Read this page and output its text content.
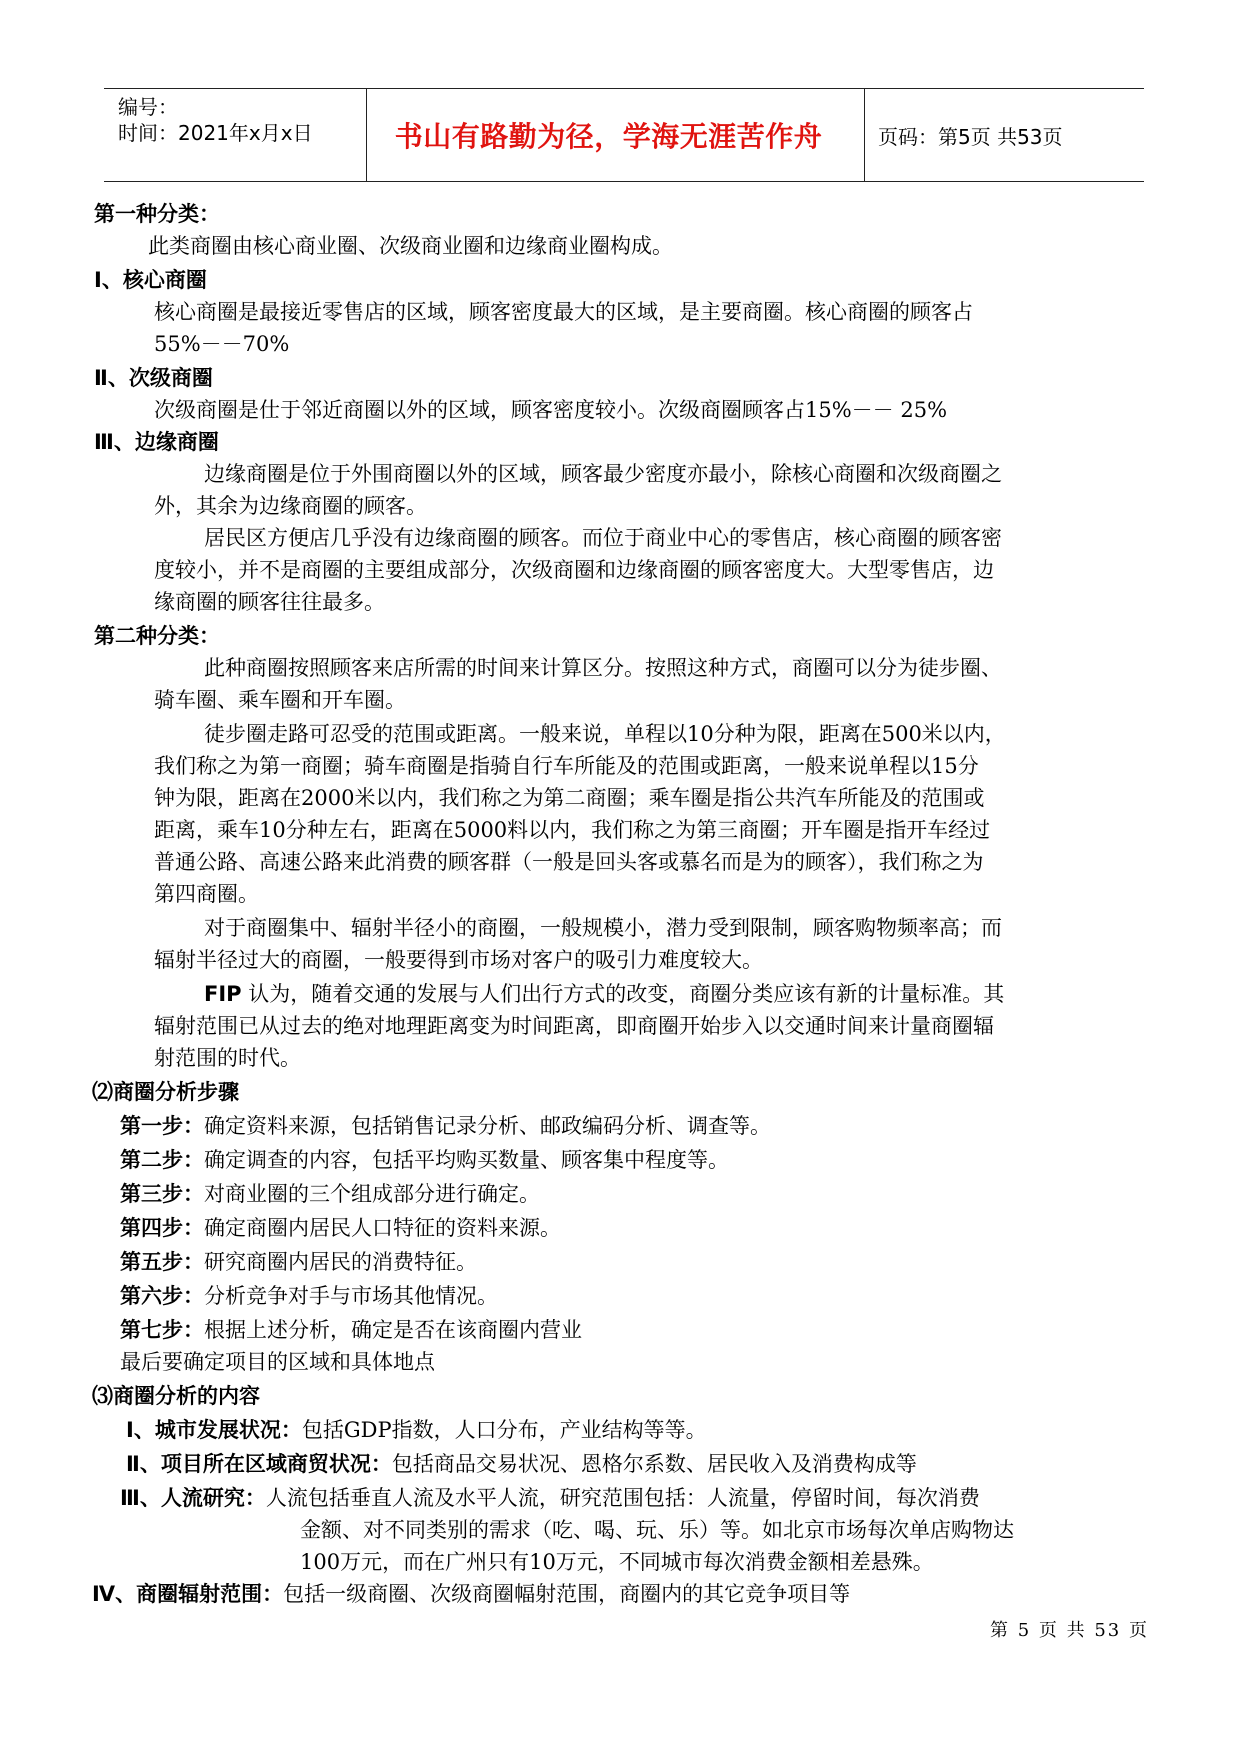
编号：
时间：2021年x月x日	书山有路勤为径，学海无涯苦作舟	页码：第5页 共53页
第一种分类：
此类商圈由核心商业圈、次级商业圈和边缘商业圈构成。
Ⅰ、核心商圈
核心商圈是最接近零售店的区域，顾客密度最大的区域，是主要商圈。核心商圈的顾客占
55%－－70%
Ⅱ、次级商圈
次级商圈是仕于邻近商圈以外的区域，顾客密度较小。次级商圈顾客占15%－－ 25%
Ⅲ、边缘商圈
边缘商圈是位于外围商圈以外的区域，顾客最少密度亦最小，除核心商圈和次级商圈之
外，其余为边缘商圈的顾客。
居民区方便店几乎没有边缘商圈的顾客。而位于商业中心的零售店，核心商圈的顾客密
度较小，并不是商圈的主要组成部分，次级商圈和边缘商圈的顾客密度大。大型零售店，边
缘商圈的顾客往往最多。
第二种分类：
此种商圈按照顾客来店所需的时间来计算区分。按照这种方式，商圈可以分为徒步圈、
骑车圈、乘车圈和开车圈。
徒步圈走路可忍受的范围或距离。一般来说，单程以10分种为限，距离在500米以内，
我们称之为第一商圈；骑车商圈是指骑自行车所能及的范围或距离，一般来说单程以15分
钟为限，距离在2000米以内，我们称之为第二商圈；乘车圈是指公共汽车所能及的范围或
距离，乘车10分种左右，距离在5000料以内，我们称之为第三商圈；开车圈是指开车经过
普通公路、高速公路来此消费的顾客群（一般是回头客或慕名而是为的顾客），我们称之为
第四商圈。
对于商圈集中、辐射半径小的商圈，一般规模小，潜力受到限制，顾客购物频率高；而
辐射半径过大的商圈，一般要得到市场对客户的吸引力难度较大。
FIP 认为，随着交通的发展与人们出行方式的改变，商圈分类应该有新的计量标准。其
辐射范围已从过去的绝对地理距离变为时间距离，即商圈开始步入以交通时间来计量商圈辐
射范围的时代。
⑵商圈分析步骤
第一步：确定资料来源，包括销售记录分析、邮政编码分析、调查等。
第二步：确定调查的内容，包括平均购买数量、顾客集中程度等。
第三步：对商业圈的三个组成部分进行确定。
第四步：确定商圈内居民人口特征的资料来源。
第五步：研究商圈内居民的消费特征。
第六步：分析竞争对手与市场其他情况。
第七步：根据上述分析，确定是否在该商圈内营业
最后要确定项目的区域和具体地点
⑶商圈分析的内容
Ⅰ、城市发展状况：包括GDP指数，人口分布，产业结构等等。
Ⅱ、项目所在区域商贸状况：包括商品交易状况、恩格尔系数、居民收入及消费构成等
Ⅲ、人流研究：人流包括垂直人流及水平人流，研究范围包括：人流量，停留时间，每次消费
金额、对不同类别的需求（吃、喝、玩、乐）等。如北京市场每次单店购物达
100万元，而在广州只有10万元，不同城市每次消费金额相差悬殊。
Ⅳ、商圈辐射范围：包括一级商圈、次级商圈幅射范围，商圈内的其它竞争项目等
第 5 页 共 53 页
